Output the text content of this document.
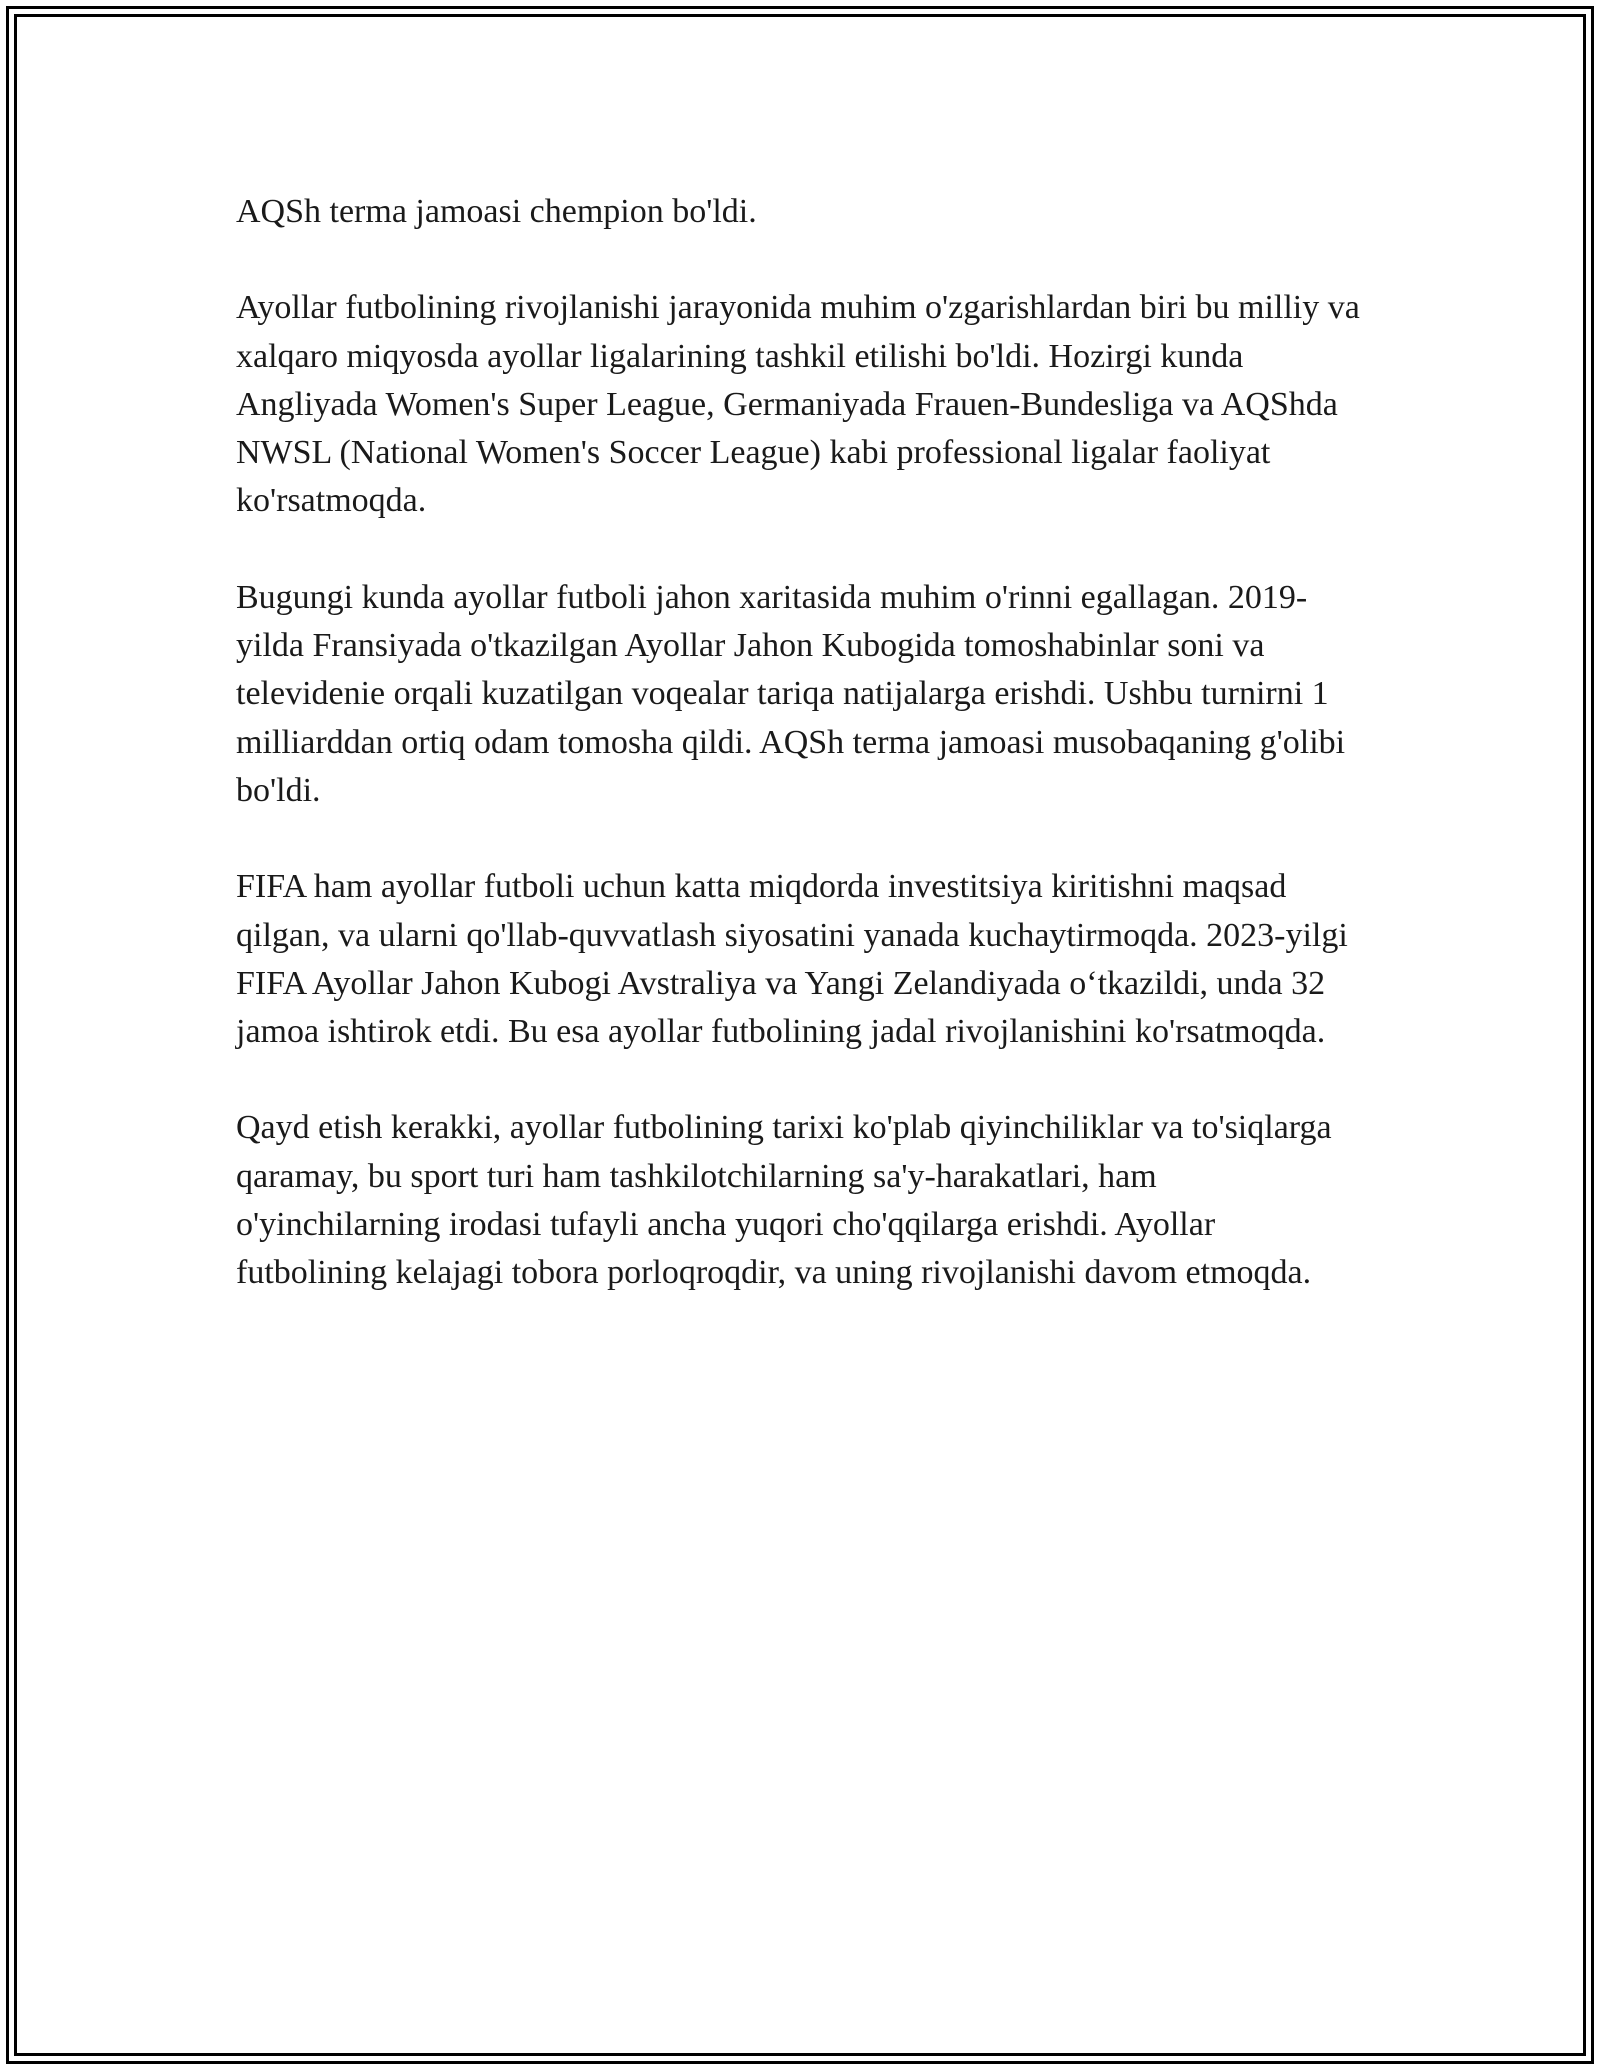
AQSh terma jamoasi chempion bo'ldi.

Ayollar futbolining rivojlanishi jarayonida muhim o'zgarishlardan biri bu milliy va xalqaro miqyosda ayollar ligalarining tashkil etilishi bo'ldi. Hozirgi kunda Angliyada Women's Super League, Germaniyada Frauen-Bundesliga va AQShda NWSL (National Women's Soccer League) kabi professional ligalar faoliyat ko'rsatmoqda.

Bugungi kunda ayollar futboli jahon xaritasida muhim o'rinni egallagan. 2019-yilda Fransiyada o'tkazilgan Ayollar Jahon Kubogida tomoshabinlar soni va televidenie orqali kuzatilgan voqealar tariqa natijalarga erishdi. Ushbu turnirni 1 milliarddan ortiq odam tomosha qildi. AQSh terma jamoasi musobaqaning g'olibi bo'ldi.

FIFA ham ayollar futboli uchun katta miqdorda investitsiya kiritishni maqsad qilgan, va ularni qo'llab-quvvatlash siyosatini yanada kuchaytirmoqda. 2023-yilgi FIFA Ayollar Jahon Kubogi Avstraliya va Yangi Zelandiyada o‘tkazildi, unda 32 jamoa ishtirok etdi. Bu esa ayollar futbolining jadal rivojlanishini ko'rsatmoqda.

Qayd etish kerakki, ayollar futbolining tarixi ko'plab qiyinchiliklar va to'siqlarga qaramay, bu sport turi ham tashkilotchilarning sa'y-harakatlari, ham o'yinchilarning irodasi tufayli ancha yuqori cho'qqilarga erishdi. Ayollar futbolining kelajagi tobora porloqroqdir, va uning rivojlanishi davom etmoqda.
